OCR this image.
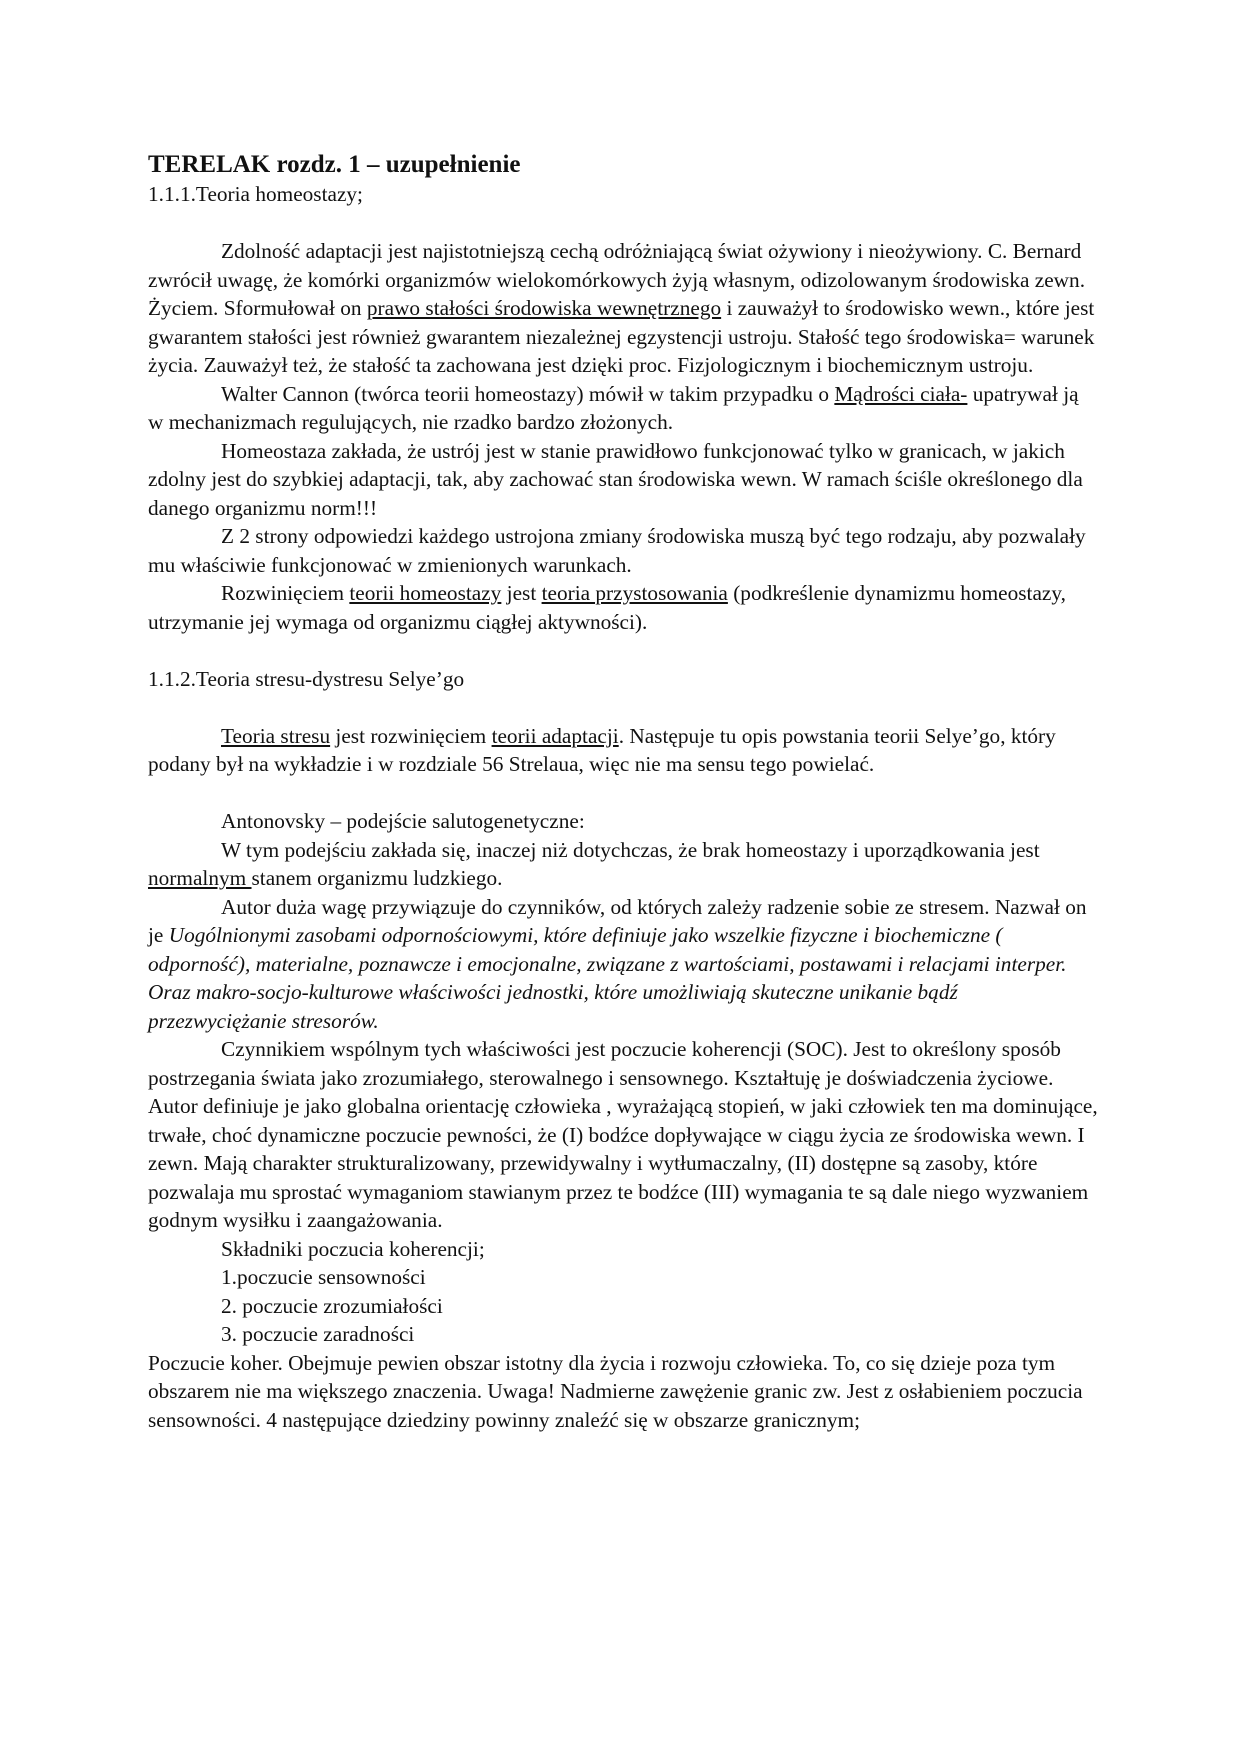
TERELAK rozdz. 1 – uzupełnienie

1.1.1.Teoria homeostazy;

Zdolność adaptacji jest najistotniejszą cechą odróżniającą świat ożywiony i nieożywiony. C. Bernard zwrócił uwagę, że komórki organizmów wielokomórkowych żyją własnym, odizolowanym środowiska zewn. Życiem. Sformułował on prawo stałości środowiska wewnętrznego i zauważył to środowisko wewn., które jest gwarantem stałości jest również gwarantem niezależnej egzystencji ustroju. Stałość tego środowiska= warunek życia. Zauważył też, że stałość ta zachowana jest dzięki proc. Fizjologicznym i biochemicznym ustroju.

Walter Cannon (twórca teorii homeostazy) mówił w takim przypadku o Mądrości ciała- upatrywał ją w mechanizmach regulujących, nie rzadko bardzo złożonych.

Homeostaza zakłada, że ustrój jest w stanie prawidłowo funkcjonować tylko w granicach, w jakich zdolny jest do szybkiej adaptacji, tak, aby zachować stan środowiska wewn. W ramach ściśle określonego dla danego organizmu norm!!!

Z 2 strony odpowiedzi każdego ustrojona zmiany środowiska muszą być tego rodzaju, aby pozwalały mu właściwie funkcjonować w zmienionych warunkach.

Rozwinięciem teorii homeostazy jest teoria przystosowania (podkreślenie dynamizmu homeostazy, utrzymanie jej wymaga od organizmu ciągłej aktywności).

1.1.2.Teoria stresu-dystresu Selye’go

Teoria stresu jest rozwinięciem teorii adaptacji. Następuje tu opis powstania teorii Selye’go, który podany był na wykładzie i w rozdziale 56 Strelaua, więc nie ma sensu tego powielać.

Antonovsky – podejście salutogenetyczne:

W tym podejściu zakłada się, inaczej niż dotychczas, że brak homeostazy i uporządkowania jest normalnym stanem organizmu ludzkiego.

Autor duża wagę przywiązuje do czynników, od których zależy radzenie sobie ze stresem. Nazwał on je Uogólnionymi zasobami odpornościowymi, które definiuje jako wszelkie fizyczne i biochemiczne ( odporność), materialne, poznawcze i emocjonalne, związane z wartościami, postawami i relacjami interper. Oraz makro-socjo-kulturowe właściwości jednostki, które umożliwiają skuteczne unikanie bądź przezwyciężanie stresorów.

Czynnikiem wspólnym tych właściwości jest poczucie koherencji (SOC). Jest to określony sposób postrzegania świata jako zrozumiałego, sterowalnego i sensownego. Kształtuję je doświadczenia życiowe. Autor definiuje je jako globalna orientację człowieka , wyrażającą stopień, w jaki człowiek ten ma dominujące, trwałe, choć dynamiczne poczucie pewności, że (I) bodźce dopływające w ciągu życia ze środowiska wewn. I zewn. Mają charakter strukturalizowany, przewidywalny i wytłumaczalny, (II) dostępne są zasoby, które pozwalaja mu sprostać wymaganiom stawianym przez te bodźce (III) wymagania te są dale niego wyzwaniem godnym wysiłku i zaangażowania.

Składniki poczucia koherencji;

1.poczucie sensowności

2. poczucie zrozumiałości

3. poczucie zaradności

Poczucie koher. Obejmuje pewien obszar istotny dla życia i rozwoju człowieka. To, co się dzieje poza tym obszarem nie ma większego znaczenia. Uwaga! Nadmierne zawężenie granic zw. Jest z osłabieniem poczucia sensowności. 4 następujące dziedziny powinny znaleźć się w obszarze granicznym;
